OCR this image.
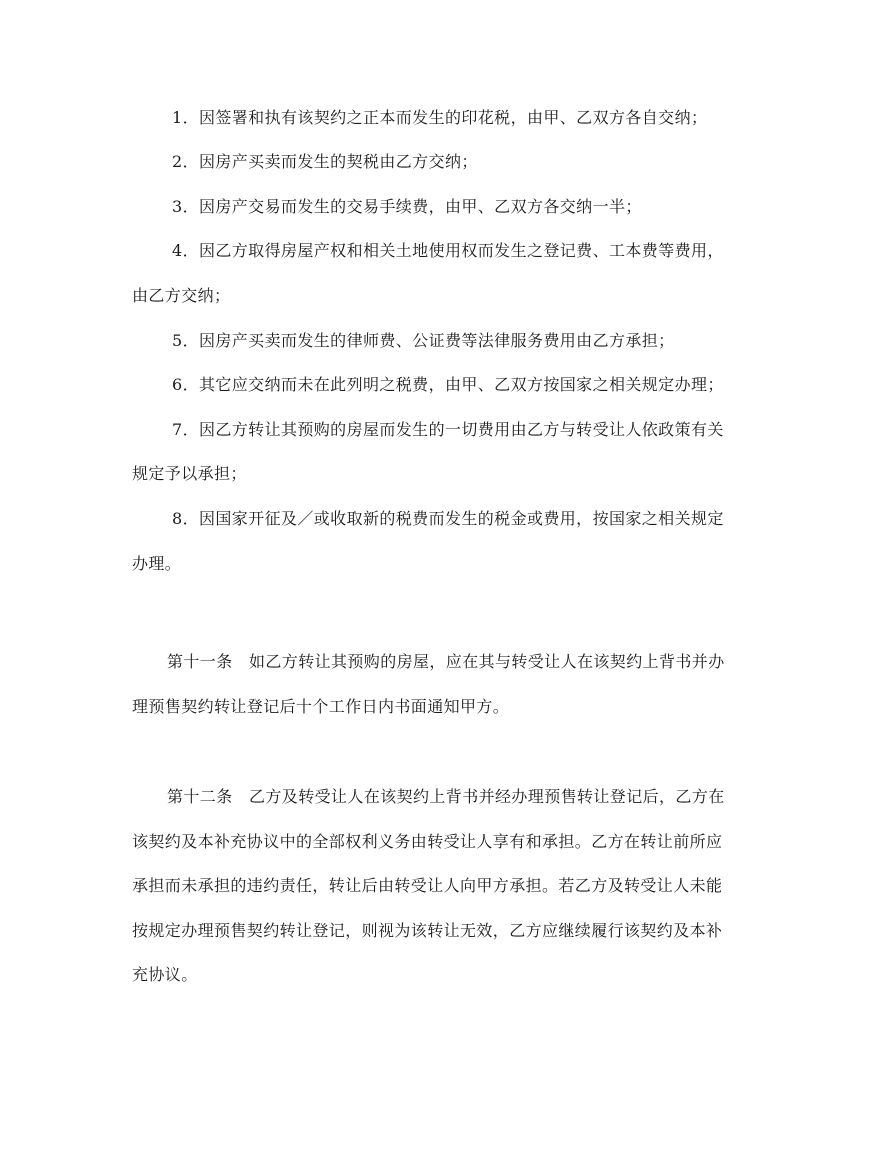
1．因签署和执有该契约之正本而发生的印花税，由甲、乙双方各自交纳；
2．因房产买卖而发生的契税由乙方交纳；
3．因房产交易而发生的交易手续费，由甲、乙双方各交纳一半；
4．因乙方取得房屋产权和相关土地使用权而发生之登记费、工本费等费用，
由乙方交纳；
5．因房产买卖而发生的律师费、公证费等法律服务费用由乙方承担；
6．其它应交纳而未在此列明之税费，由甲、乙双方按国家之相关规定办理；
7．因乙方转让其预购的房屋而发生的一切费用由乙方与转受让人依政策有关
规定予以承担；
8．因国家开征及／或收取新的税费而发生的税金或费用，按国家之相关规定
办理。
第十一条　如乙方转让其预购的房屋，应在其与转受让人在该契约上背书并办
理预售契约转让登记后十个工作日内书面通知甲方。
第十二条　乙方及转受让人在该契约上背书并经办理预售转让登记后，乙方在
该契约及本补充协议中的全部权利义务由转受让人享有和承担。乙方在转让前所应
承担而未承担的违约责任，转让后由转受让人向甲方承担。若乙方及转受让人未能
按规定办理预售契约转让登记，则视为该转让无效，乙方应继续履行该契约及本补
充协议。
